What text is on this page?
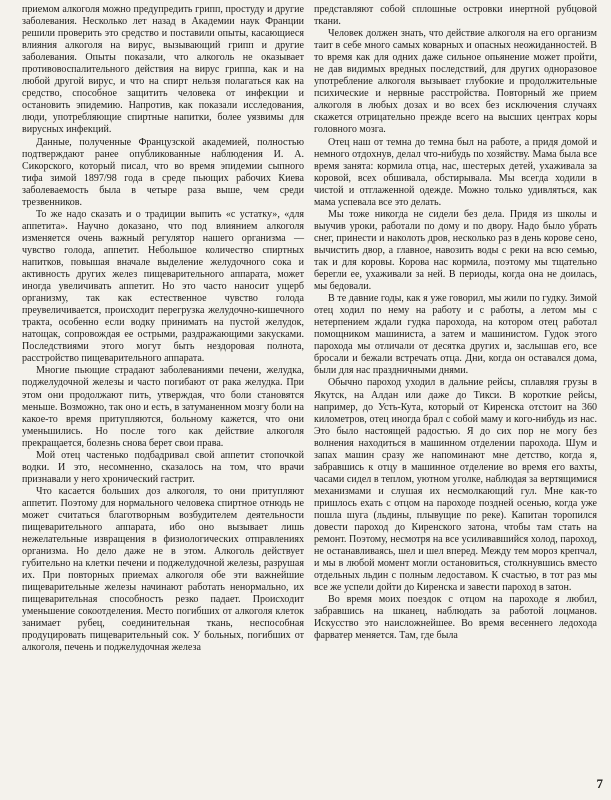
приемом алкоголя можно предупредить грипп, простуду и другие заболевания. Несколько лет назад в Академии наук Франции решили проверить это средство и поставили опыты, касающиеся влияния алкоголя на вирус, вызывающий грипп и другие заболевания. Опыты показали, что алкоголь не оказывает противовоспалительного действия на вирус гриппа, как и на любой другой вирус, и что на спирт нельзя полагаться как на средство, способное защитить человека от инфекции и остановить эпидемию. Напротив, как показали исследования, люди, употребляющие спиртные напитки, более уязвимы для вирусных инфекций.

Данные, полученные Французской академией, полностью подтверждают ранее опубликованные наблюдения И. А. Сикорского, который писал, что во время эпидемии сыпного тифа зимой 1897/98 года в среде пьющих рабочих Киева заболеваемость была в четыре раза выше, чем среди трезвенников.

То же надо сказать и о традиции выпить «с устатку», «для аппетита». Научно доказано, что под влиянием алкоголя изменяется очень важный регулятор нашего организма — чувство голода, аппетит. Небольшое количество спиртных напитков, повышая вначале выделение желудочного сока и активность других желез пищеварительного аппарата, может иногда увеличивать аппетит. Но это часто наносит ущерб организму, так как естественное чувство голода преувеличивается, происходит перегрузка желудочно-кишечного тракта, особенно если водку принимать на пустой желудок, натощак, сопровождая ее острыми, раздражающими закусками. Последствиями этого могут быть нездоровая полнота, расстройство пищеварительного аппарата.

Многие пьющие страдают заболеваниями печени, желудка, поджелудочной железы и часто погибают от рака желудка. При этом они продолжают пить, утверждая, что боли становятся меньше. Возможно, так оно и есть, в затуманенном мозгу боли на какое-то время притупляются, больному кажется, что они уменьшились. Но после того как действие алкоголя прекращается, болезнь снова берет свои права.

Мой отец частенько подбадривал свой аппетит стопочкой водки. И это, несомненно, сказалось на том, что врачи признавали у него хронический гастрит.

Что касается больших доз алкоголя, то они притупляют аппетит. Поэтому для нормального человека спиртное отнюдь не может считаться благотворным возбудителем деятельности пищеварительного аппарата, ибо оно вызывает лишь нежелательные извращения в физиологических отправлениях организма. Но дело даже не в этом. Алкоголь действует губительно на клетки печени и поджелудочной железы, разрушая их. При повторных приемах алкоголя обе эти важнейшие пищеварительные железы начинают работать ненормально, их пищеварительная способность резко падает. Происходит уменьшение сокоотделения. Место погибших от алкоголя клеток занимает рубец, соединительная ткань, неспособная продуцировать пищеварительный сок. У больных, погибших от алкоголя, печень и поджелудочная железа

представляют собой сплошные островки инертной рубцовой ткани.

Человек должен знать, что действие алкоголя на его организм таит в себе много самых коварных и опасных неожиданностей. В то время как для одних даже сильное опьянение может пройти, не дав видимых вредных последствий, для других одноразовое употребление алкоголя вызывает глубокие и продолжительные психические и нервные расстройства. Повторный же прием алкоголя в любых дозах и во всех без исключения случаях скажется отрицательно прежде всего на высших центрах коры головного мозга.

Отец наш от темна до темна был на работе, а придя домой и немного отдохнув, делал что-нибудь по хозяйству. Мама была все время занята: кормила отца, нас, шестерых детей, ухаживала за коровой, всех обшивала, обстирывала. Мы всегда ходили в чистой и отглаженной одежде. Можно только удивляться, как мама успевала все это делать.

Мы тоже никогда не сидели без дела. Придя из школы и выучив уроки, работали по дому и по двору. Надо было убрать снег, принести и наколоть дров, несколько раз в день корове сено, вычистить двор, а главное, навозить воды с реки на всю семью, так и для коровы. Корова нас кормила, поэтому мы тщательно берегли ее, ухаживали за ней. В периоды, когда она не доилась, мы бедовали.

В те давние годы, как я уже говорил, мы жили по гудку. Зимой отец ходил по нему на работу и с работы, а летом мы с нетерпением ждали гудка парохода, на котором отец работал помощником машиниста, а затем и машинистом. Гудок этого парохода мы отличали от десятка других и, заслышав его, все бросали и бежали встречать отца. Дни, когда он оставался дома, были для нас праздничными днями.

Обычно пароход уходил в дальние рейсы, сплавляя грузы в Якутск, на Алдан или даже до Тикси. В короткие рейсы, например, до Усть-Кута, который от Киренска отстоит на 360 километров, отец иногда брал с собой маму и кого-нибудь из нас. Это было настоящей радостью. Я до сих пор не могу без волнения находиться в машинном отделении парохода. Шум и запах машин сразу же напоминают мне детство, когда я, забравшись к отцу в машинное отделение во время его вахты, часами сидел в теплом, уютном уголке, наблюдая за вертящимися механизмами и слушая их несмолкающий гул. Мне как-то пришлось ехать с отцом на пароходе поздней осенью, когда уже пошла шуга (льдины, плывущие по реке). Капитан торопился довести пароход до Киренского затона, чтобы там стать на ремонт. Поэтому, несмотря на все усиливавшийся холод, пароход, не останавливаясь, шел и шел вперед. Между тем мороз крепчал, и мы в любой момент могли остановиться, столкнувшись вместо отдельных льдин с полным ледоставом. К счастью, в тот раз мы все же успели дойти до Киренска и завести пароход в затон.

Во время моих поездок с отцом на пароходе я любил, забравшись на шканец, наблюдать за работой лоцманов. Искусство это наисложнейшее. Во время весеннего ледохода фарватер меняется. Там, где была

7
